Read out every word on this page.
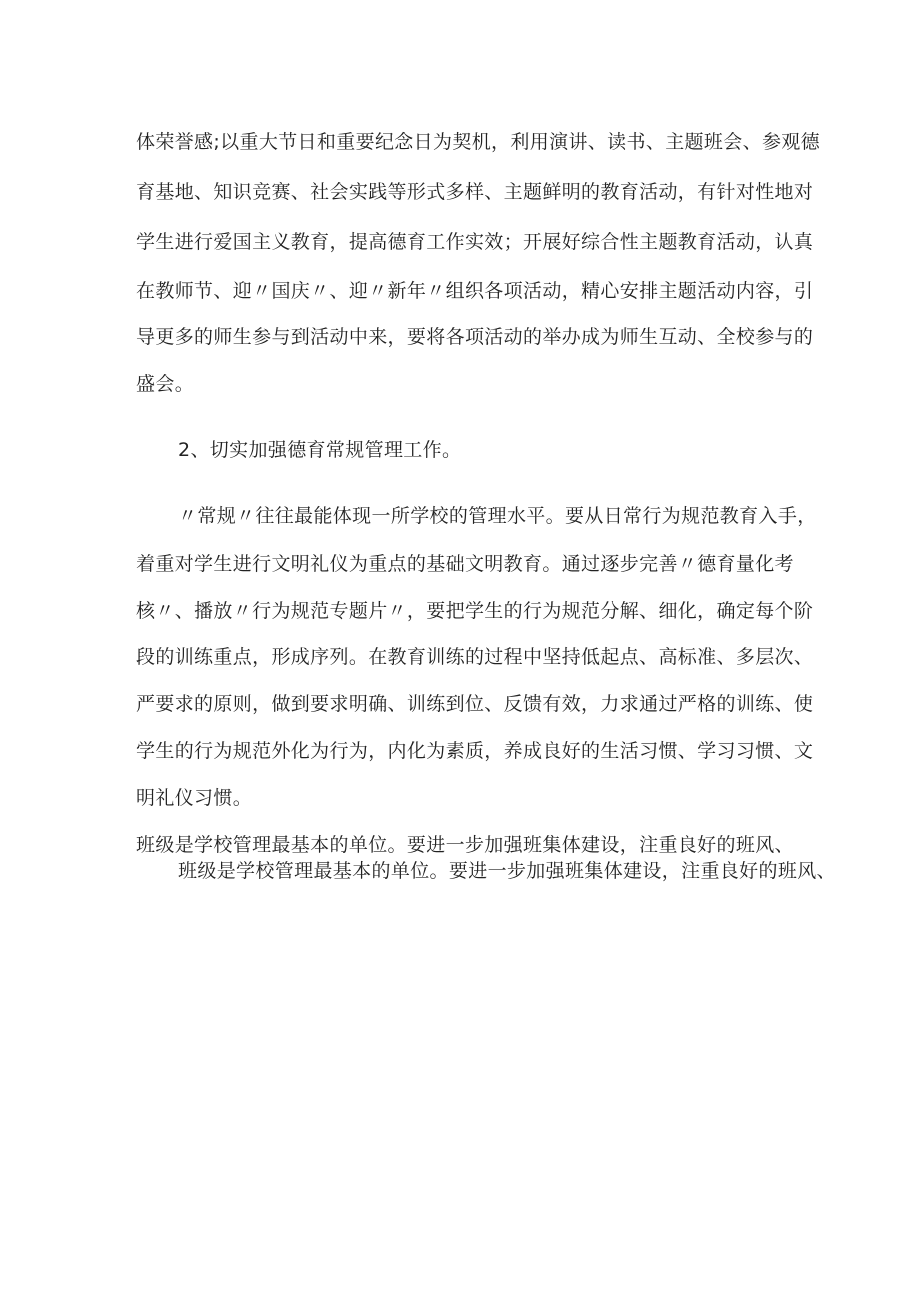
体荣誉感;以重大节日和重要纪念日为契机，利用演讲、读书、主题班会、参观德
育基地、知识竞赛、社会实践等形式多样、主题鲜明的教育活动，有针对性地对
学生进行爱国主义教育，提高德育工作实效；开展好综合性主题教育活动，认真
在教师节、迎〃国庆〃、迎〃新年〃组织各项活动，精心安排主题活动内容，引
导更多的师生参与到活动中来，要将各项活动的举办成为师生互动、全校参与的
盛会。
2、切实加强德育常规管理工作。
〃常规〃往往最能体现一所学校的管理水平。要从日常行为规范教育入手，
着重对学生进行文明礼仪为重点的基础文明教育。通过逐步完善〃德育量化考
核〃、播放〃行为规范专题片〃，要把学生的行为规范分解、细化，确定每个阶
段的训练重点，形成序列。在教育训练的过程中坚持低起点、高标准、多层次、
严要求的原则，做到要求明确、训练到位、反馈有效，力求通过严格的训练、使
学生的行为规范外化为行为，内化为素质，养成良好的生活习惯、学习习惯、文
明礼仪习惯。
班级是学校管理最基本的单位。要进一步加强班集体建设，注重良好的班风、
班级是学校管理最基本的单位。要进一步加强班集体建设，注重良好的班风、
